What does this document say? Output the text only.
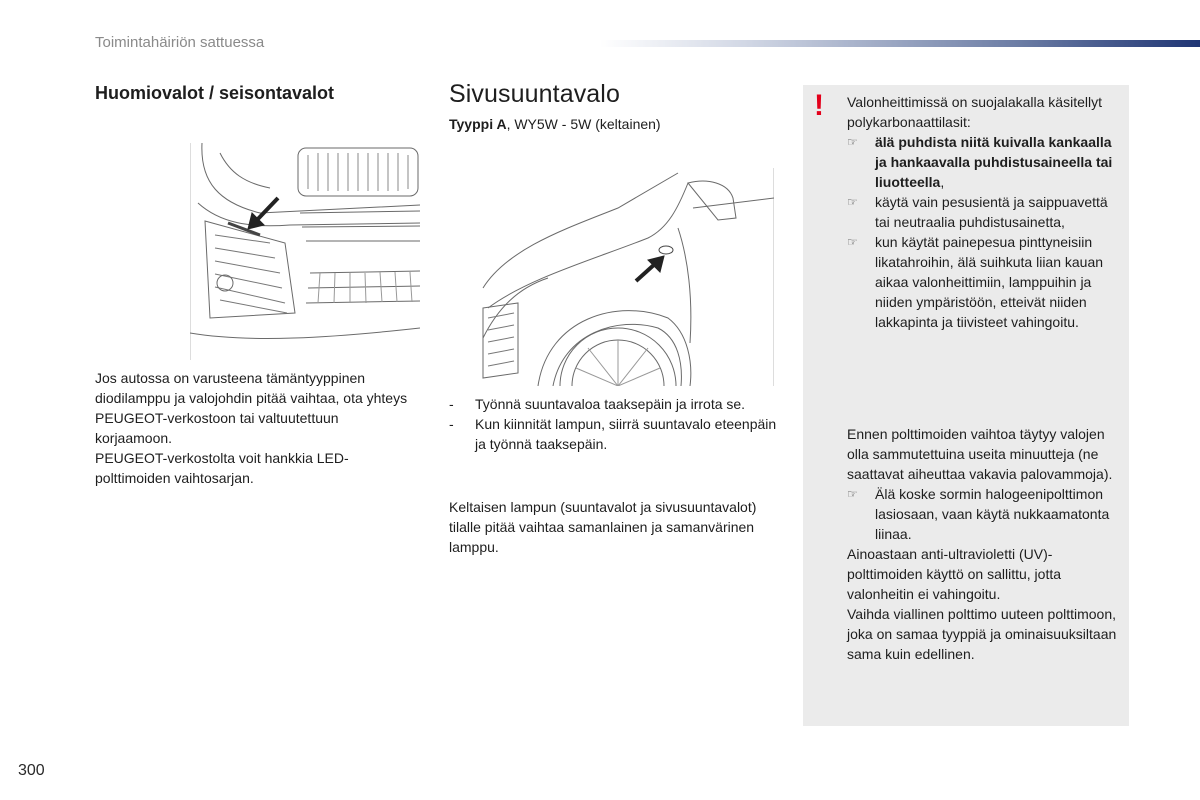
Toimintahäiriön sattuessa
Huomiovalot / seisontavalot
Jos autossa on varusteena tämäntyyppinen diodilamppu ja valojohdin pitää vaihtaa, ota yhteys PEUGEOT-verkostoon tai valtuutettuun korjaamoon.
PEUGEOT-verkostolta voit hankkia LED-polttimoiden vaihtosarjan.
Sivusuuntavalo
Tyyppi A, WY5W - 5W (keltainen)
-	Työnnä suuntavaloa taaksepäin ja irrota se.
-	Kun kiinnität lampun, siirrä suuntavalo eteenpäin ja työnnä taaksepäin.
Keltaisen lampun (suuntavalot ja sivusuuntavalot) tilalle pitää vaihtaa samanlainen ja samanvärinen lamppu.
! Valonheittimissä on suojalakalla käsitellyt polykarbonaattilasit:
☞	älä puhdista niitä kuivalla kankaalla ja hankaavalla puhdistusaineella tai liuotteella,
☞	käytä vain pesusientä ja saippuavettä tai neutraalia puhdistusainetta,
☞	kun käytät painepesua pinttyneisiin likatahroihin, älä suihkuta liian kauan aikaa valonheittimiin, lamppuihin ja niiden ympäristöön, etteivät niiden lakkapinta ja tiivisteet vahingoitu.
Ennen polttimoiden vaihtoa täytyy valojen olla sammutettuina useita minuutteja (ne saattavat aiheuttaa vakavia palovammoja).
☞	Älä koske sormin halogeenipolttimon lasiosaan, vaan käytä nukkaamatonta liinaa.
Ainoastaan anti-ultravioletti (UV)-polttimoiden käyttö on sallittu, jotta valonheitin ei vahingoitu.
Vaihda viallinen polttimo uuteen polttimoon, joka on samaa tyyppiä ja ominaisuuksiltaan sama kuin edellinen.
300
